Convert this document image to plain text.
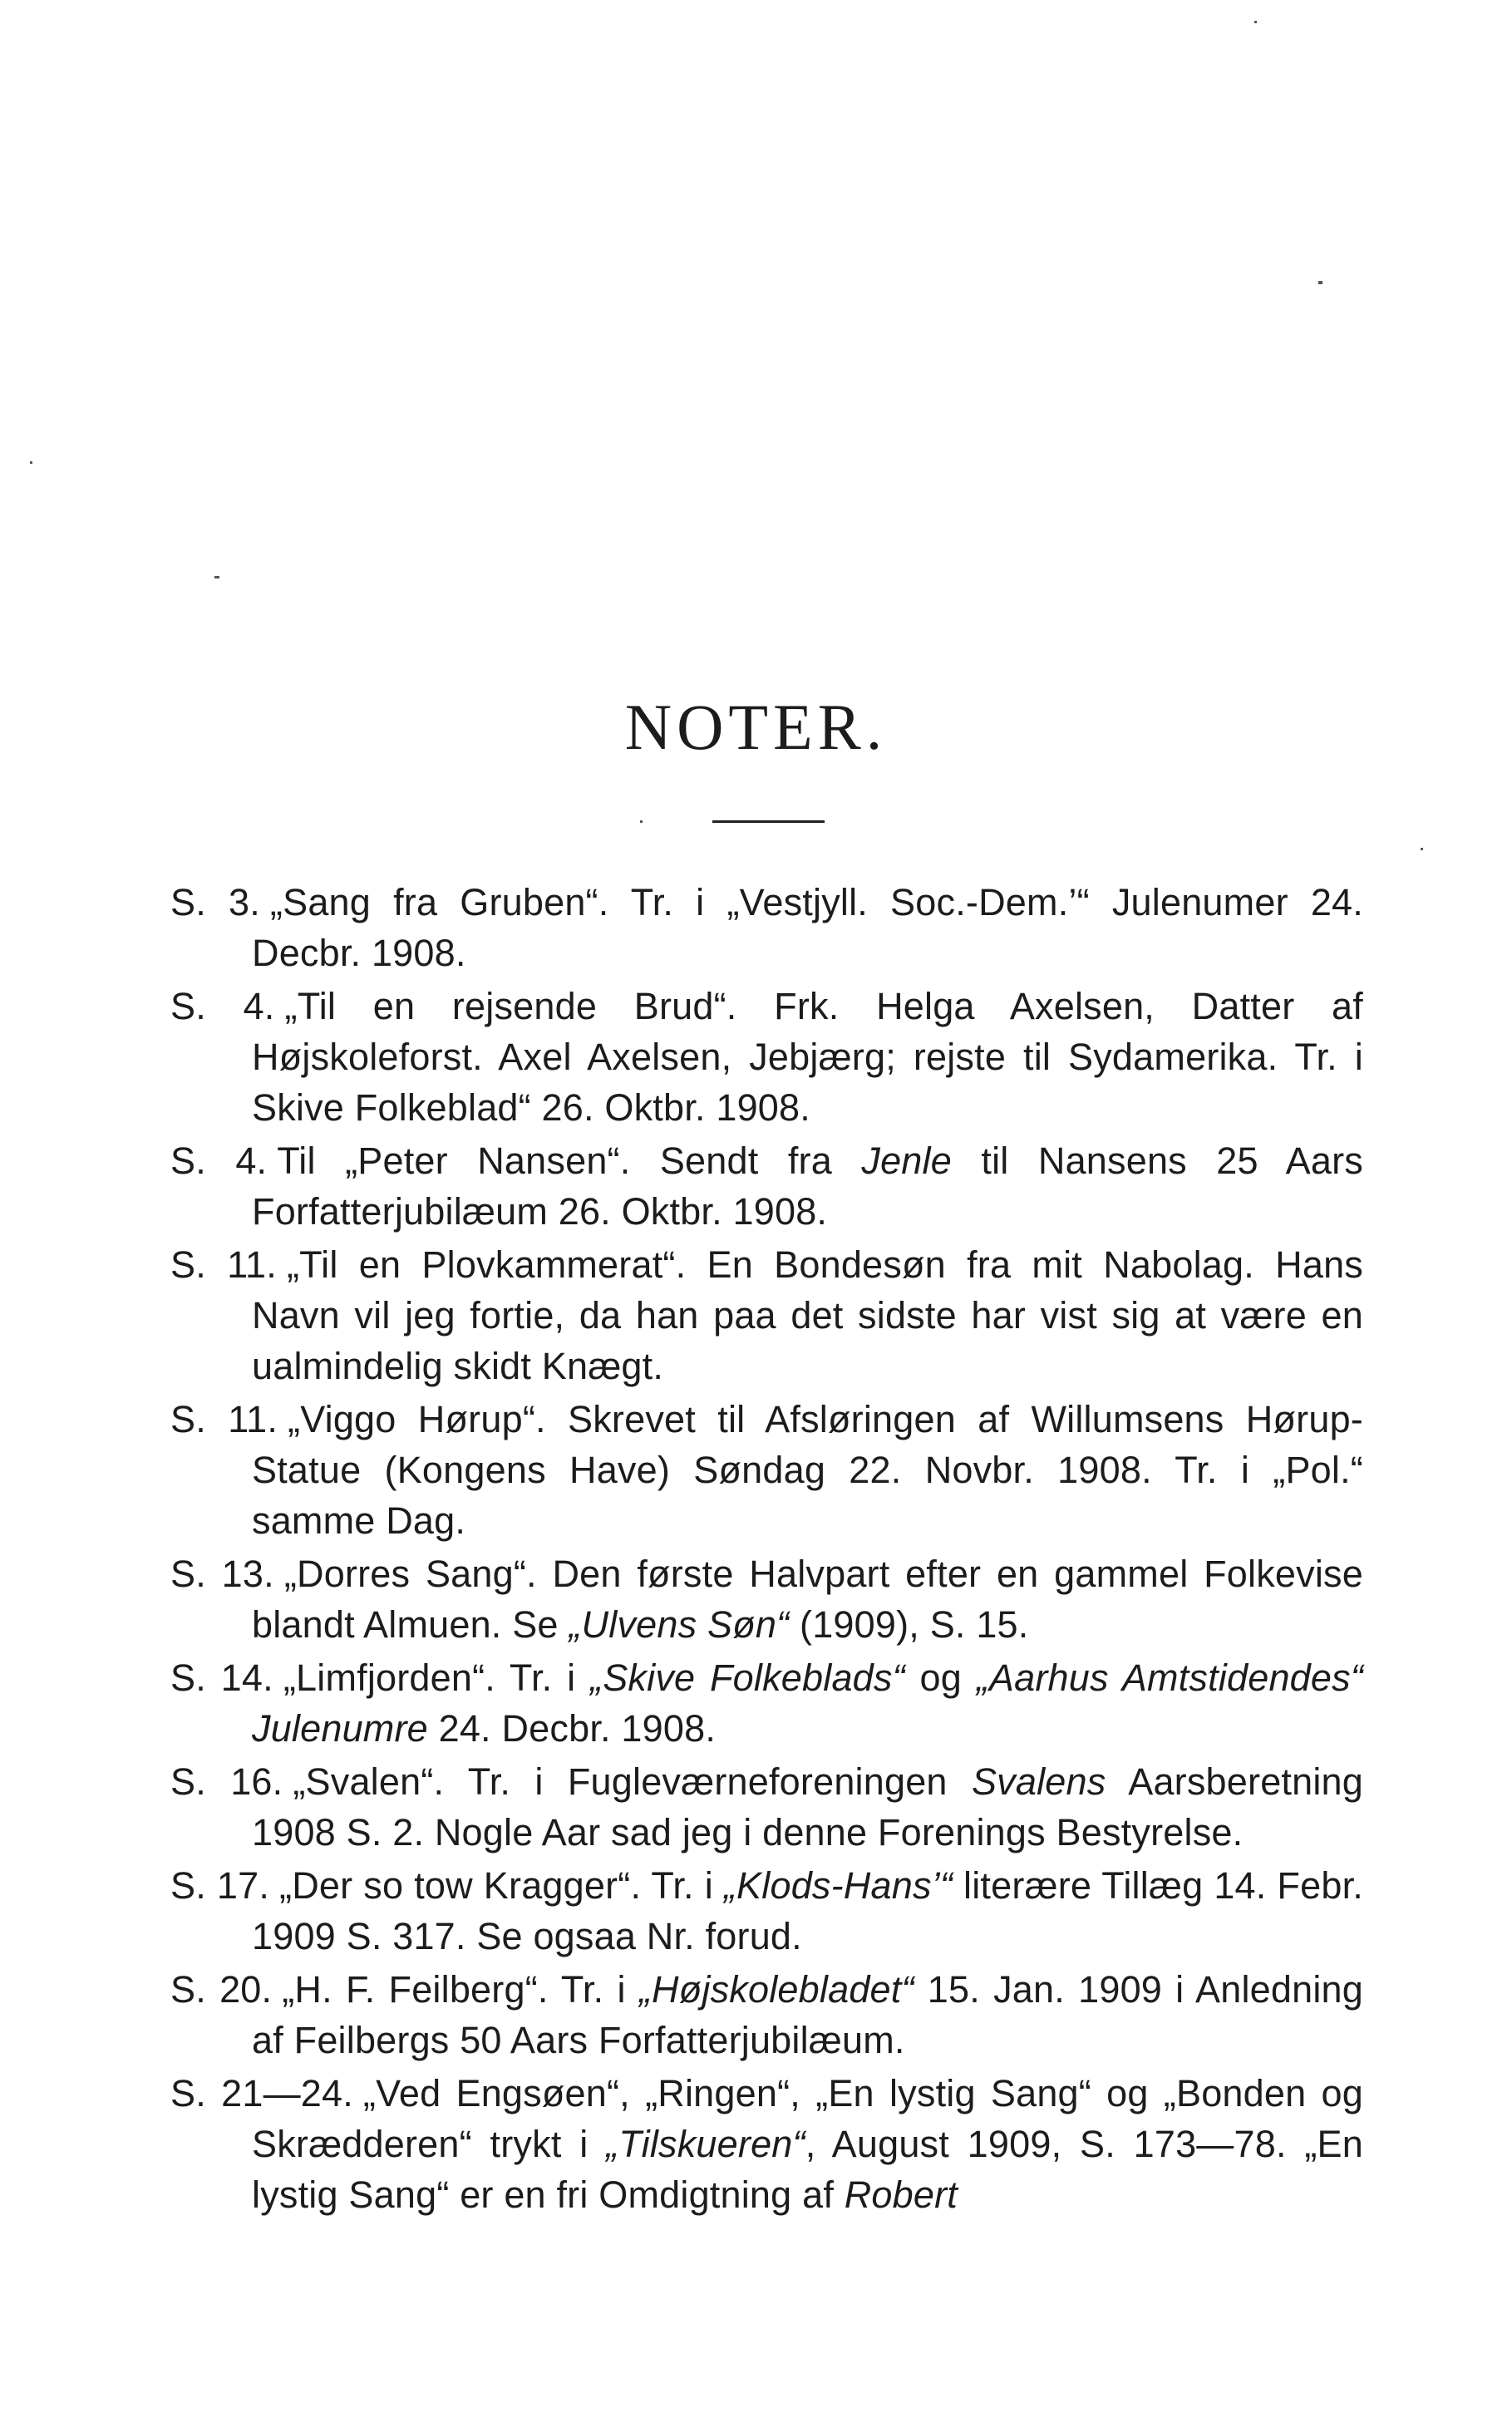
NOTER.
S. 3. „Sang fra Gruben“. Tr. i „Vestjyll. Soc.-Dem.’“ Julenumer 24. Decbr. 1908.
S. 4. „Til en rejsende Brud“. Frk. Helga Axelsen, Datter af Højskoleforst. Axel Axelsen, Jebjærg; rejste til Sydamerika. Tr. i Skive Folkeblad“ 26. Oktbr. 1908.
S. 4. Til „Peter Nansen“. Sendt fra Jenle til Nansens 25 Aars Forfatterjubilæum 26. Oktbr. 1908.
S. 11. „Til en Plovkammerat“. En Bondesøn fra mit Nabolag. Hans Navn vil jeg fortie, da han paa det sidste har vist sig at være en ualmindelig skidt Knægt.
S. 11. „Viggo Hørup“. Skrevet til Afsløringen af Willumsens Hørup-Statue (Kongens Have) Søndag 22. Novbr. 1908. Tr. i „Pol.“ samme Dag.
S. 13. „Dorres Sang“. Den første Halvpart efter en gammel Folkevise blandt Almuen. Se „Ulvens Søn“ (1909), S. 15.
S. 14. „Limfjorden“. Tr. i „Skive Folkeblads“ og „Aarhus Amtstidendes“ Julenumre 24. Decbr. 1908.
S. 16. „Svalen“. Tr. i Fugleværneforeningen Svalens Aarsberetning 1908 S. 2. Nogle Aar sad jeg i denne Forenings Bestyrelse.
S. 17. „Der so tow Kragger“. Tr. i „Klods-Hans’“ literære Tillæg 14. Febr. 1909 S. 317. Se ogsaa Nr. forud.
S. 20. „H. F. Feilberg“. Tr. i „Højskolebladet“ 15. Jan. 1909 i Anledning af Feilbergs 50 Aars Forfatterjubilæum.
S. 21—24. „Ved Engsøen“, „Ringen“, „En lystig Sang“ og „Bonden og Skrædderen“ trykt i „Tilskueren“, August 1909, S. 173—78. „En lystig Sang“ er en fri Omdigtning af Robert
